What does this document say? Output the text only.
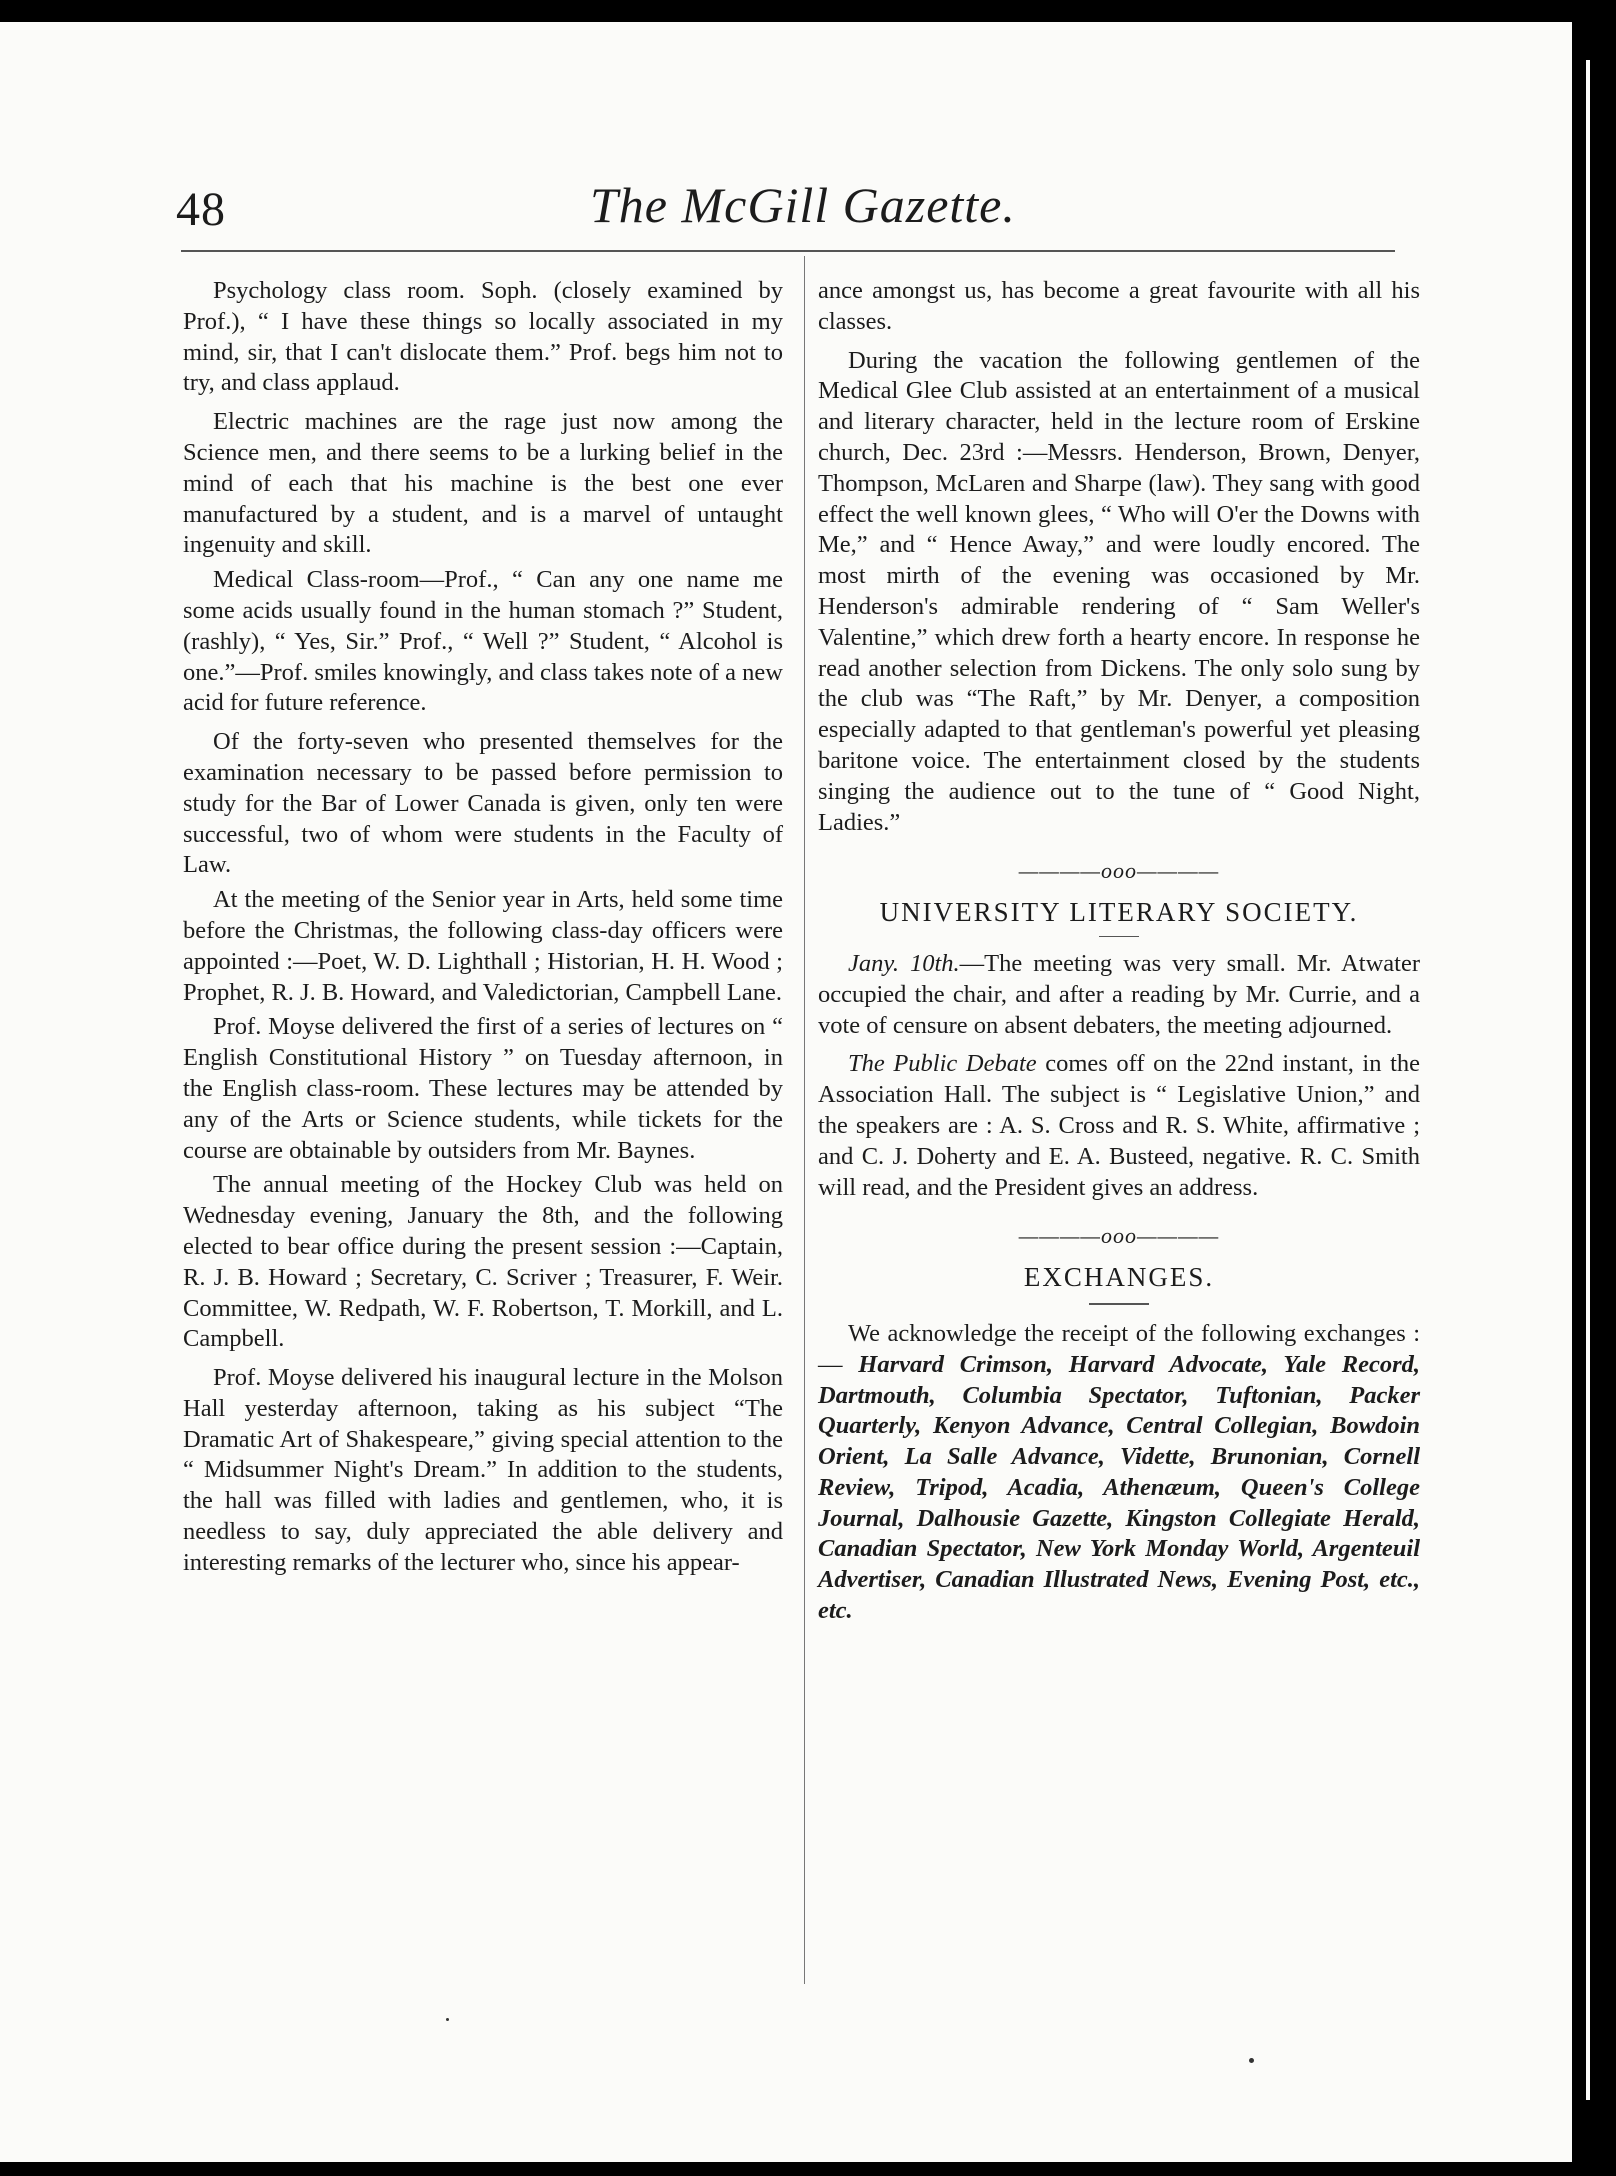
48	The McGill Gazette.

Psychology class room. Soph. (closely examined by Prof.), “ I have these things so locally associated in my mind, sir, that I can't dislocate them.” Prof. begs him not to try, and class applaud.

Electric machines are the rage just now among the Science men, and there seems to be a lurking belief in the mind of each that his machine is the best one ever manufactured by a student, and is a marvel of untaught ingenuity and skill.

Medical Class-room—Prof., “ Can any one name me some acids usually found in the human stomach ?” Student, (rashly), “ Yes, Sir.” Prof., “ Well ?” Student, “ Alcohol is one.”—Prof. smiles knowingly, and class takes note of a new acid for future reference.

Of the forty-seven who presented themselves for the examination necessary to be passed before permission to study for the Bar of Lower Canada is given, only ten were successful, two of whom were students in the Faculty of Law.

At the meeting of the Senior year in Arts, held some time before the Christmas, the following class-day officers were appointed :—Poet, W. D. Lighthall ; Historian, H. H. Wood ; Prophet, R. J. B. Howard, and Valedictorian, Campbell Lane.

Prof. Moyse delivered the first of a series of lectures on “ English Constitutional History ” on Tuesday afternoon, in the English class-room. These lectures may be attended by any of the Arts or Science students, while tickets for the course are obtainable by outsiders from Mr. Baynes.

The annual meeting of the Hockey Club was held on Wednesday evening, January the 8th, and the following elected to bear office during the present session :—Captain, R. J. B. Howard ; Secretary, C. Scriver ; Treasurer, F. Weir. Committee, W. Redpath, W. F. Robertson, T. Morkill, and L. Campbell.

Prof. Moyse delivered his inaugural lecture in the Molson Hall yesterday afternoon, taking as his subject “The Dramatic Art of Shakespeare,” giving special attention to the “ Midsummer Night's Dream.” In addition to the students, the hall was filled with ladies and gentlemen, who, it is needless to say, duly appreciated the able delivery and interesting remarks of the lecturer who, since his appear-

ance amongst us, has become a great favourite with all his classes.

During the vacation the following gentlemen of the Medical Glee Club assisted at an entertainment of a musical and literary character, held in the lecture room of Erskine church, Dec. 23rd :—Messrs. Henderson, Brown, Denyer, Thompson, McLaren and Sharpe (law). They sang with good effect the well known glees, “ Who will O'er the Downs with Me,” and “ Hence Away,” and were loudly encored. The most mirth of the evening was occasioned by Mr. Henderson's admirable rendering of “ Sam Weller's Valentine,” which drew forth a hearty encore. In response he read another selection from Dickens. The only solo sung by the club was “The Raft,” by Mr. Denyer, a composition especially adapted to that gentleman's powerful yet pleasing baritone voice. The entertainment closed by the students singing the audience out to the tune of “ Good Night, Ladies.”

————ooo————
UNIVERSITY LITERARY SOCIETY.

Jany. 10th.—The meeting was very small. Mr. Atwater occupied the chair, and after a reading by Mr. Currie, and a vote of censure on absent debaters, the meeting adjourned.

The Public Debate comes off on the 22nd instant, in the Association Hall. The subject is “ Legislative Union,” and the speakers are : A. S. Cross and R. S. White, affirmative ; and C. J. Doherty and E. A. Busteed, negative. R. C. Smith will read, and the President gives an address.

————ooo————
EXCHANGES.

We acknowledge the receipt of the following exchanges : — Harvard Crimson, Harvard Advocate, Yale Record, Dartmouth, Columbia Spectator, Tuftonian, Packer Quarterly, Kenyon Advance, Central Collegian, Bowdoin Orient, La Salle Advance, Vidette, Brunonian, Cornell Review, Tripod, Acadia, Athenæum, Queen's College Journal, Dalhousie Gazette, Kingston Collegiate Herald, Canadian Spectator, New York Monday World, Argenteuil Advertiser, Canadian Illustrated News, Evening Post, etc., etc.
